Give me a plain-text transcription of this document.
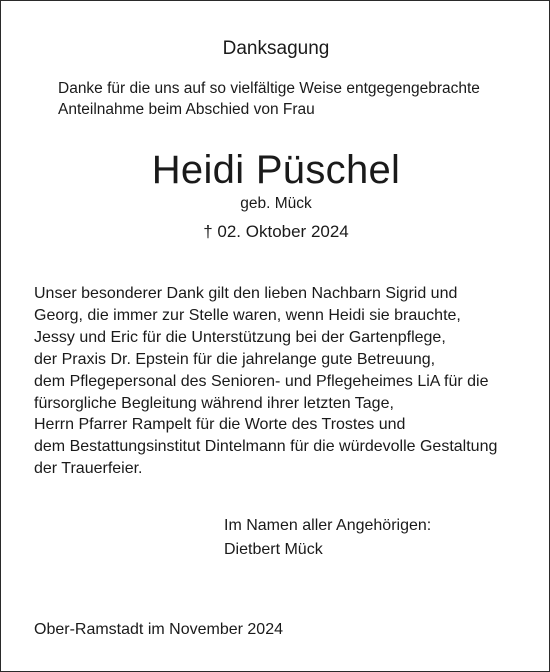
Danksagung
Danke für die uns auf so vielfältige Weise entgegengebrachte
Anteilnahme beim Abschied von Frau
Heidi Püschel
geb. Mück
† 02. Oktober 2024
Unser besonderer Dank gilt den lieben Nachbarn Sigrid und
Georg, die immer zur Stelle waren, wenn Heidi sie brauchte,
Jessy und Eric für die Unterstützung bei der Gartenpflege,
der Praxis Dr. Epstein für die jahrelange gute Betreuung,
dem Pflegepersonal des Senioren- und Pflegeheimes LiA für die
fürsorgliche Begleitung während ihrer letzten Tage,
Herrn Pfarrer Rampelt für die Worte des Trostes und
dem Bestattungsinstitut Dintelmann für die würdevolle Gestaltung
der Trauerfeier.
Im Namen aller Angehörigen:
Dietbert Mück
Ober-Ramstadt im November 2024
